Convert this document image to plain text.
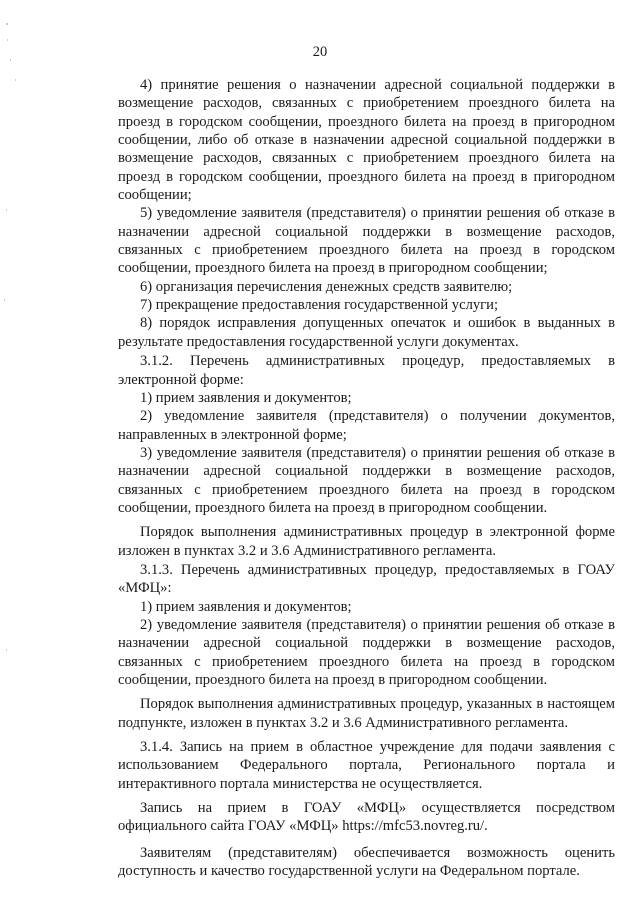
20

4) принятие решения о назначении адресной социальной поддержки в возмещение расходов, связанных с приобретением проездного билета на проезд в городском сообщении, проездного билета на проезд в пригородном сообщении, либо об отказе в назначении адресной социальной поддержки в возмещение расходов, связанных с приобретением проездного билета на проезд в городском сообщении, проездного билета на проезд в пригородном сообщении;

5) уведомление заявителя (представителя) о принятии решения об отказе в назначении адресной социальной поддержки в возмещение расходов, связанных с приобретением проездного билета на проезд в городском сообщении, проездного билета на проезд в пригородном сообщении;

6) организация перечисления денежных средств заявителю;

7) прекращение предоставления государственной услуги;

8) порядок исправления допущенных опечаток и ошибок в выданных в результате предоставления государственной услуги документах.

3.1.2. Перечень административных процедур, предоставляемых в электронной форме:

1) прием заявления и документов;

2) уведомление заявителя (представителя) о получении документов, направленных в электронной форме;

3) уведомление заявителя (представителя) о принятии решения об отказе в назначении адресной социальной поддержки в возмещение расходов, связанных с приобретением проездного билета на проезд в городском сообщении, проездного билета на проезд в пригородном сообщении.

Порядок выполнения административных процедур в электронной форме изложен в пунктах 3.2 и 3.6 Административного регламента.

3.1.3. Перечень административных процедур, предоставляемых в ГОАУ «МФЦ»:

1) прием заявления и документов;

2) уведомление заявителя (представителя) о принятии решения об отказе в назначении адресной социальной поддержки в возмещение расходов, связанных с приобретением проездного билета на проезд в городском сообщении, проездного билета на проезд в пригородном сообщении.

Порядок выполнения административных процедур, указанных в настоящем подпункте, изложен в пунктах 3.2 и 3.6 Административного регламента.

3.1.4. Запись на прием в областное учреждение для подачи заявления с использованием Федерального портала, Регионального портала и интерактивного портала министерства не осуществляется.

Запись на прием в ГОАУ «МФЦ» осуществляется посредством официального сайта ГОАУ «МФЦ» https://mfc53.novreg.ru/.

Заявителям (представителям) обеспечивается возможность оценить доступность и качество государственной услуги на Федеральном портале.
